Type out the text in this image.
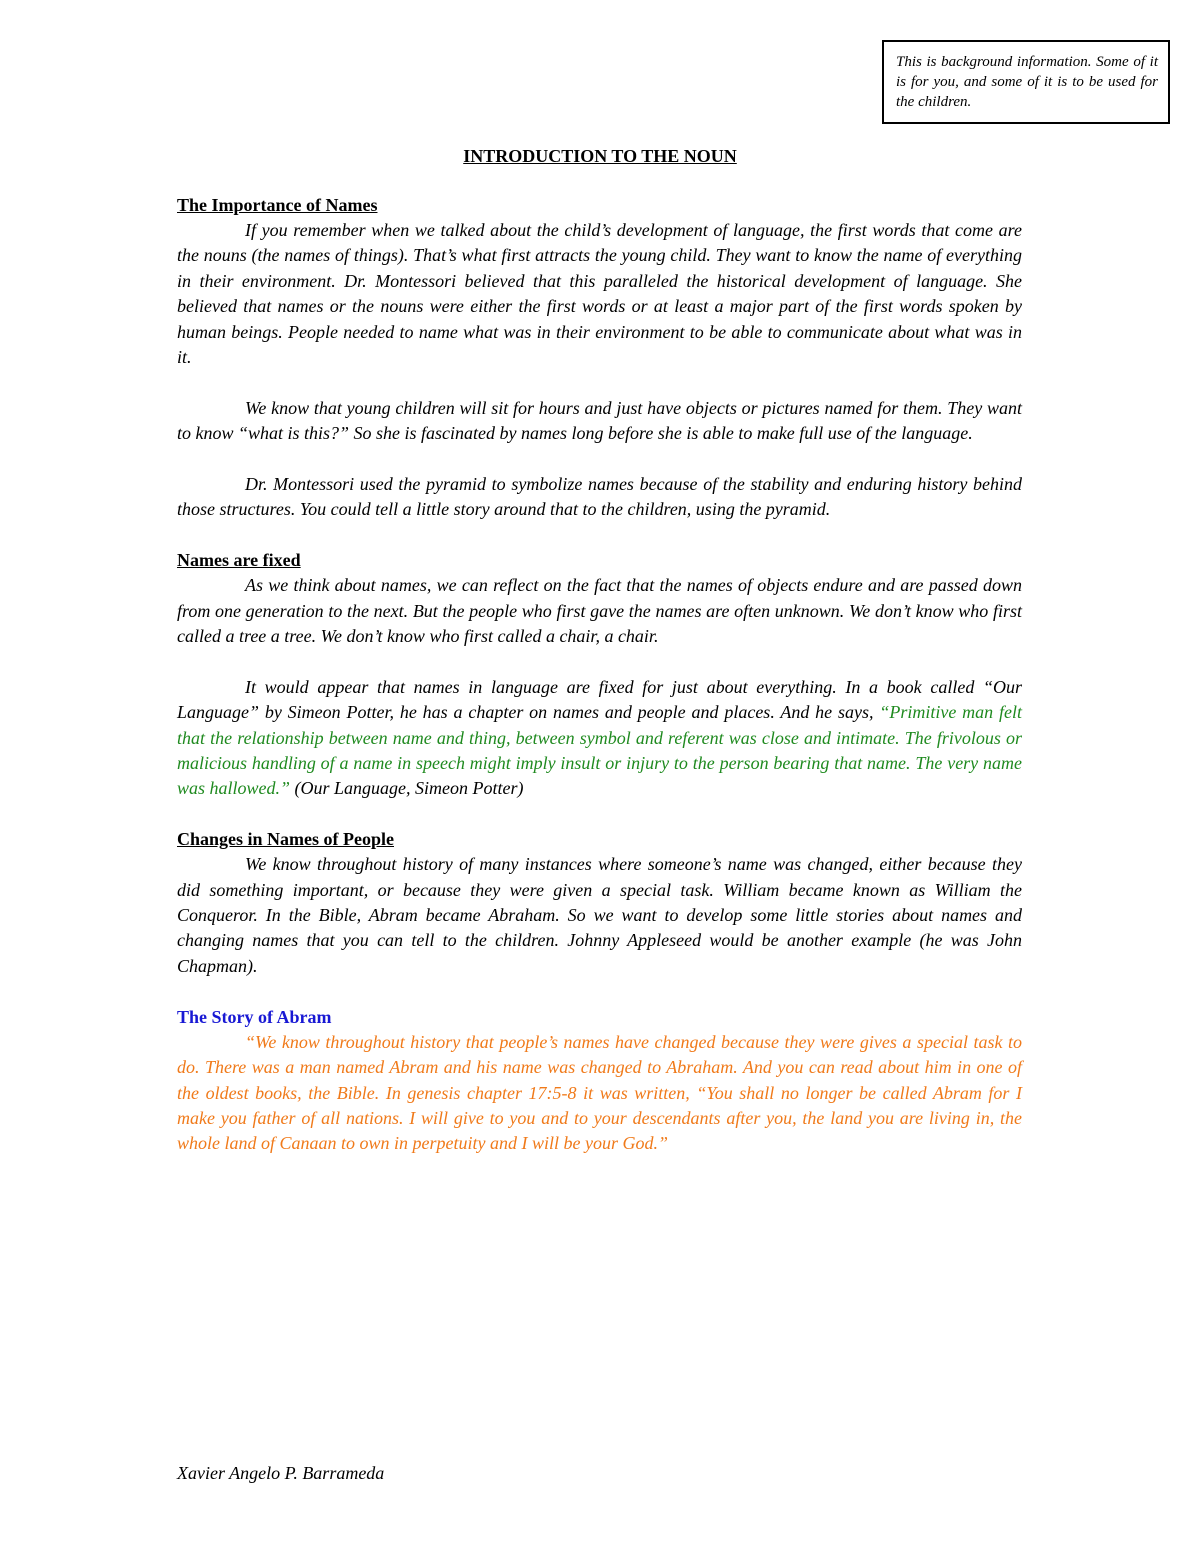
This is background information. Some of it is for you, and some of it is to be used for the children.
INTRODUCTION TO THE NOUN

The Importance of Names

If you remember when we talked about the child’s development of language, the first words that come are the nouns (the names of things). That’s what first attracts the young child. They want to know the name of everything in their environment. Dr. Montessori believed that this paralleled the historical development of language. She believed that names or the nouns were either the first words or at least a major part of the first words spoken by human beings. People needed to name what was in their environment to be able to communicate about what was in it.

We know that young children will sit for hours and just have objects or pictures named for them. They want to know “what is this?” So she is fascinated by names long before she is able to make full use of the language.

Dr. Montessori used the pyramid to symbolize names because of the stability and enduring history behind those structures. You could tell a little story around that to the children, using the pyramid.

Names are fixed

As we think about names, we can reflect on the fact that the names of objects endure and are passed down from one generation to the next. But the people who first gave the names are often unknown. We don’t know who first called a tree a tree. We don’t know who first called a chair, a chair.

It would appear that names in language are fixed for just about everything. In a book called “Our Language” by Simeon Potter, he has a chapter on names and people and places. And he says, “Primitive man felt that the relationship between name and thing, between symbol and referent was close and intimate. The frivolous or malicious handling of a name in speech might imply insult or injury to the person bearing that name. The very name was hallowed.” (Our Language, Simeon Potter)

Changes in Names of People

We know throughout history of many instances where someone’s name was changed, either because they did something important, or because they were given a special task. William became known as William the Conqueror. In the Bible, Abram became Abraham. So we want to develop some little stories about names and changing names that you can tell to the children. Johnny Appleseed would be another example (he was John Chapman).

The Story of Abram

“We know throughout history that people’s names have changed because they were gives a special task to do. There was a man named Abram and his name was changed to Abraham. And you can read about him in one of the oldest books, the Bible. In genesis chapter 17:5-8 it was written, “You shall no longer be called Abram for I make you father of all nations. I will give to you and to your descendants after you, the land you are living in, the whole land of Canaan to own in perpetuity and I will be your God.”

Xavier Angelo P. Barrameda
